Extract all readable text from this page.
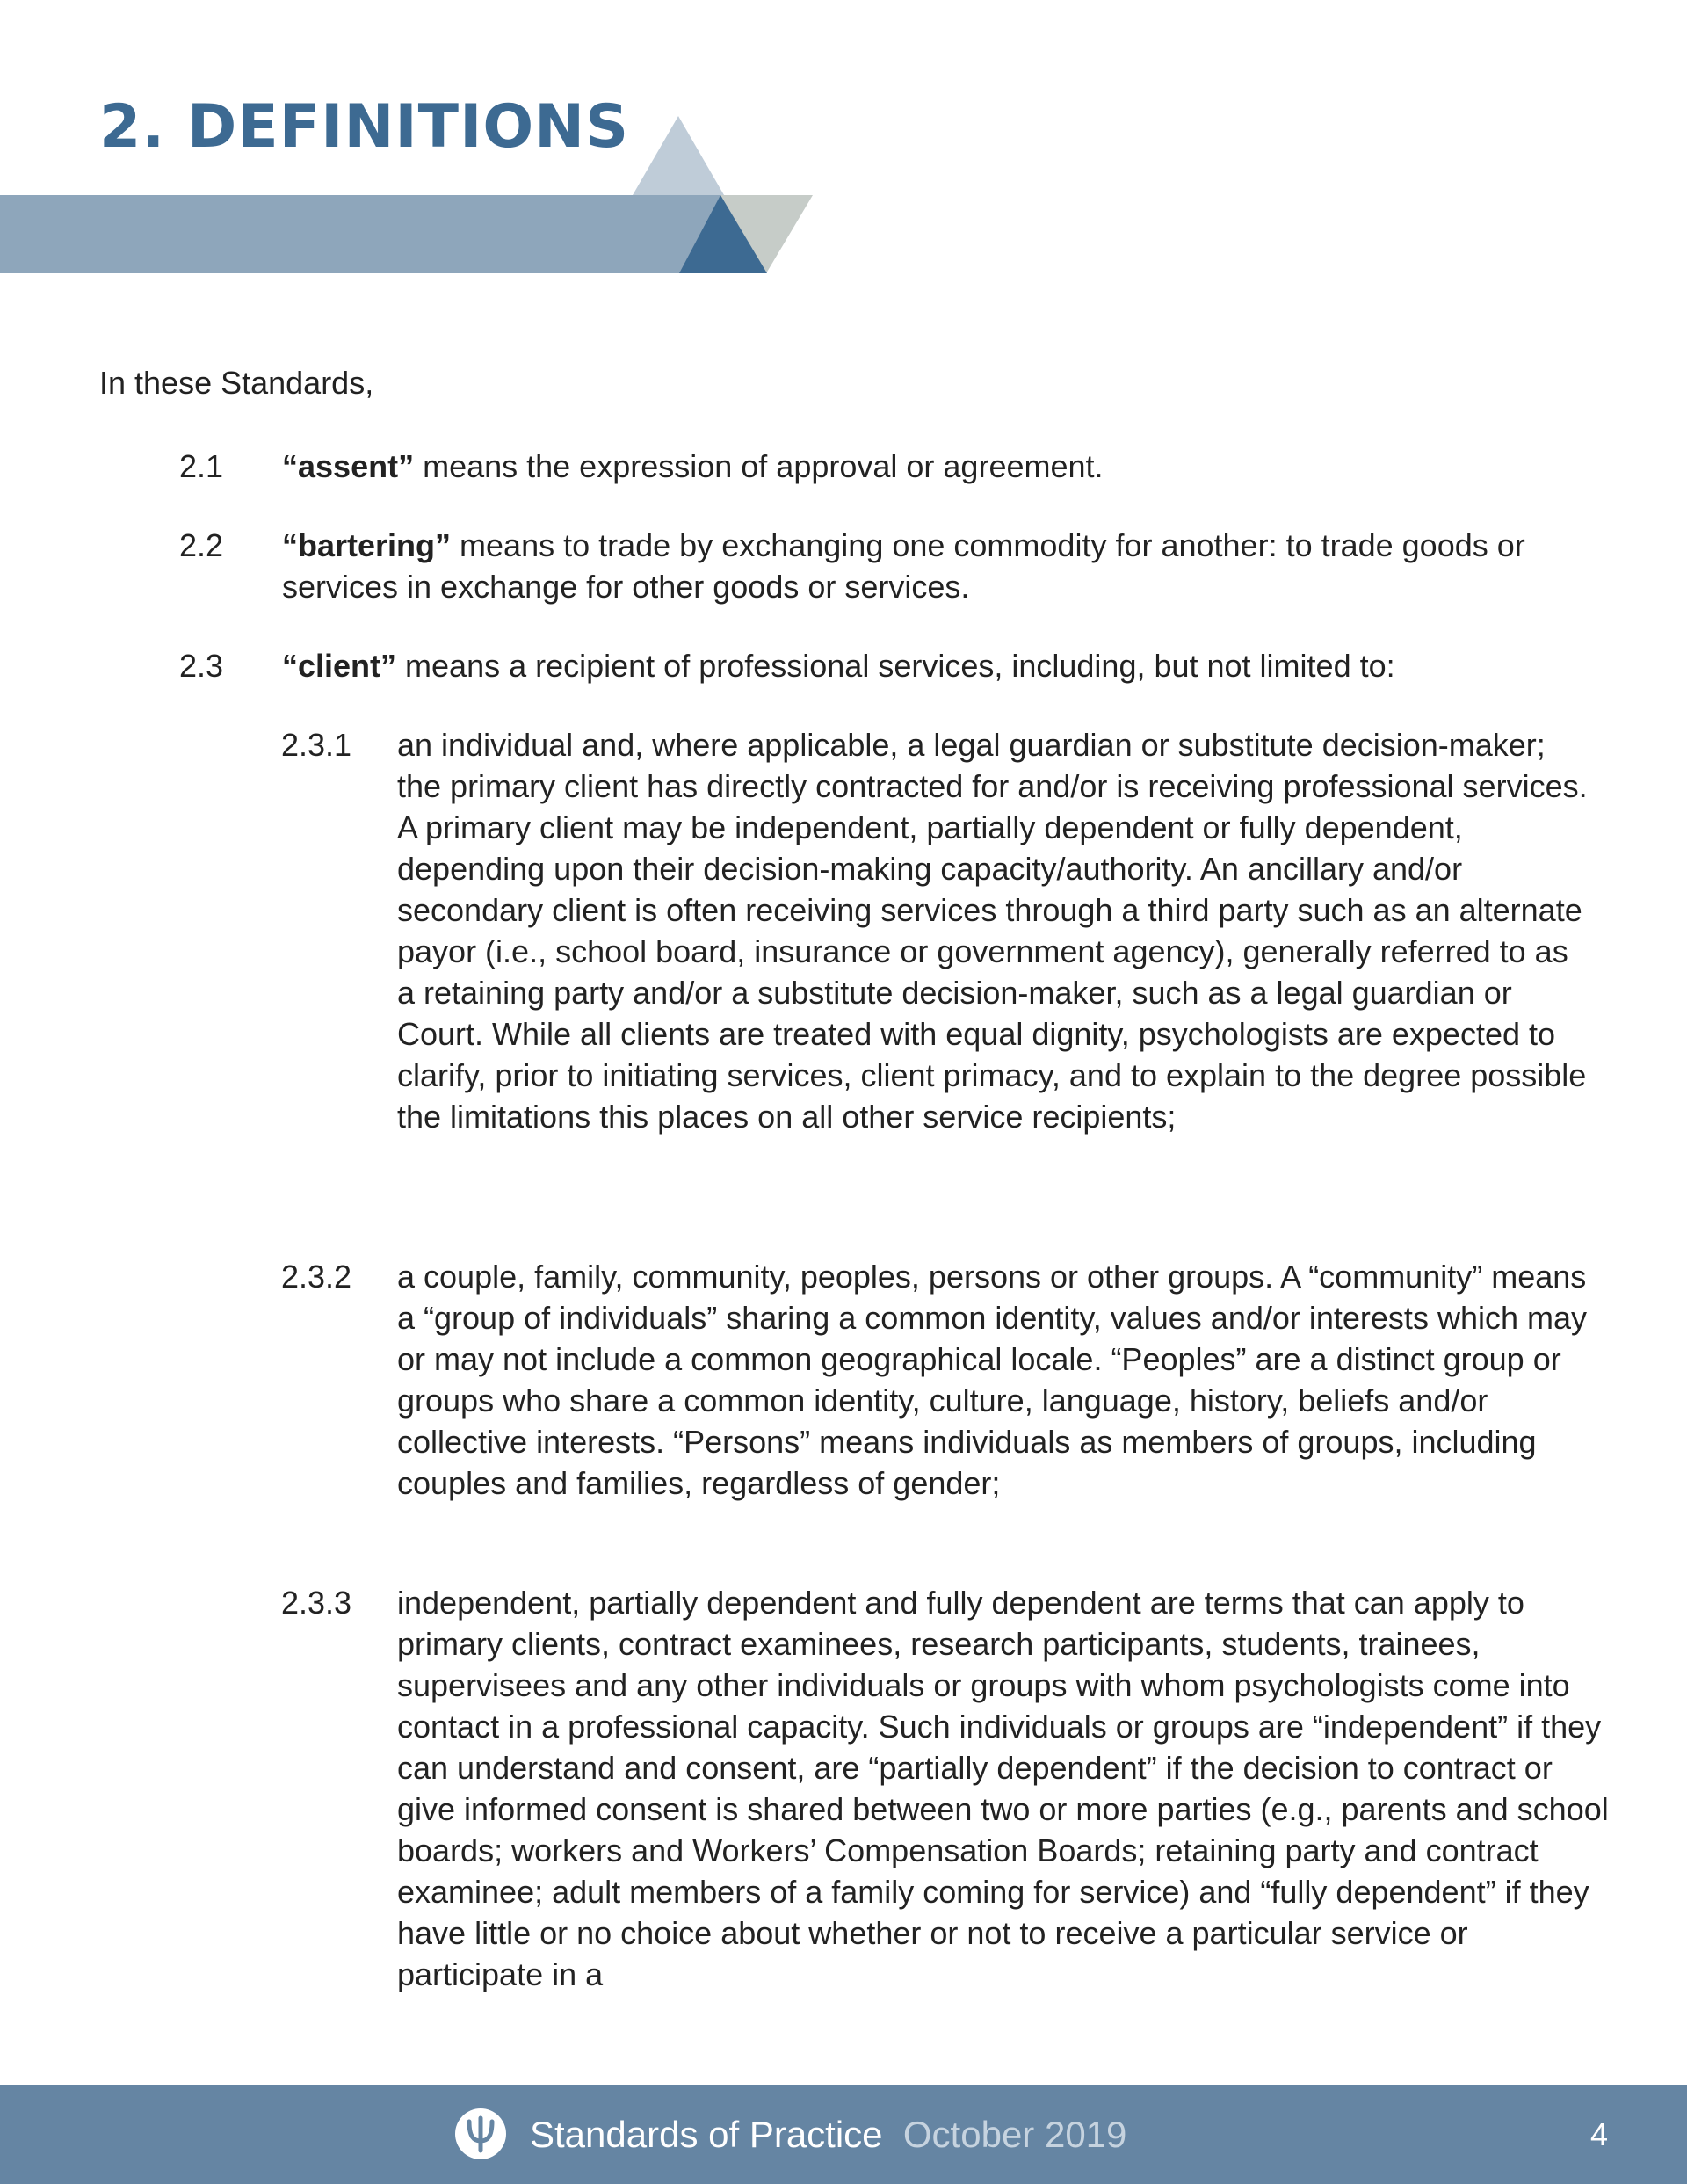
2. DEFINITIONS

In these Standards,

2.1 “assent” means the expression of approval or agreement.
2.2 “bartering” means to trade by exchanging one commodity for another: to trade goods or services in exchange for other goods or services.
2.3 “client” means a recipient of professional services, including, but not limited to:
2.3.1 an individual and, where applicable, a legal guardian or substitute decision-maker; the primary client has directly contracted for and/or is receiving professional services. A primary client may be independent, partially dependent or fully dependent, depending upon their decision-making capacity/authority. An ancillary and/or secondary client is often receiving services through a third party such as an alternate payor (i.e., school board, insurance or government agency), generally referred to as a retaining party and/or a substitute decision-maker, such as a legal guardian or Court. While all clients are treated with equal dignity, psychologists are expected to clarify, prior to initiating services, client primacy, and to explain to the degree possible the limitations this places on all other service recipients;
2.3.2 a couple, family, community, peoples, persons or other groups. A “community” means a “group of individuals” sharing a common identity, values and/or interests which may or may not include a common geographical locale. “Peoples” are a distinct group or groups who share a common identity, culture, language, history, beliefs and/or collective interests. “Persons” means individuals as members of groups, including couples and families, regardless of gender;
2.3.3 independent, partially dependent and fully dependent are terms that can apply to primary clients, contract examinees, research participants, students, trainees, supervisees and any other individuals or groups with whom psychologists come into contact in a professional capacity. Such individuals or groups are “independent” if they can understand and consent, are “partially dependent” if the decision to contract or give informed consent is shared between two or more parties (e.g., parents and school boards; workers and Workers’ Compensation Boards; retaining party and contract examinee; adult members of a family coming for service) and “fully dependent” if they have little or no choice about whether or not to receive a particular service or participate in a
Standards of Practice October 2019	4
